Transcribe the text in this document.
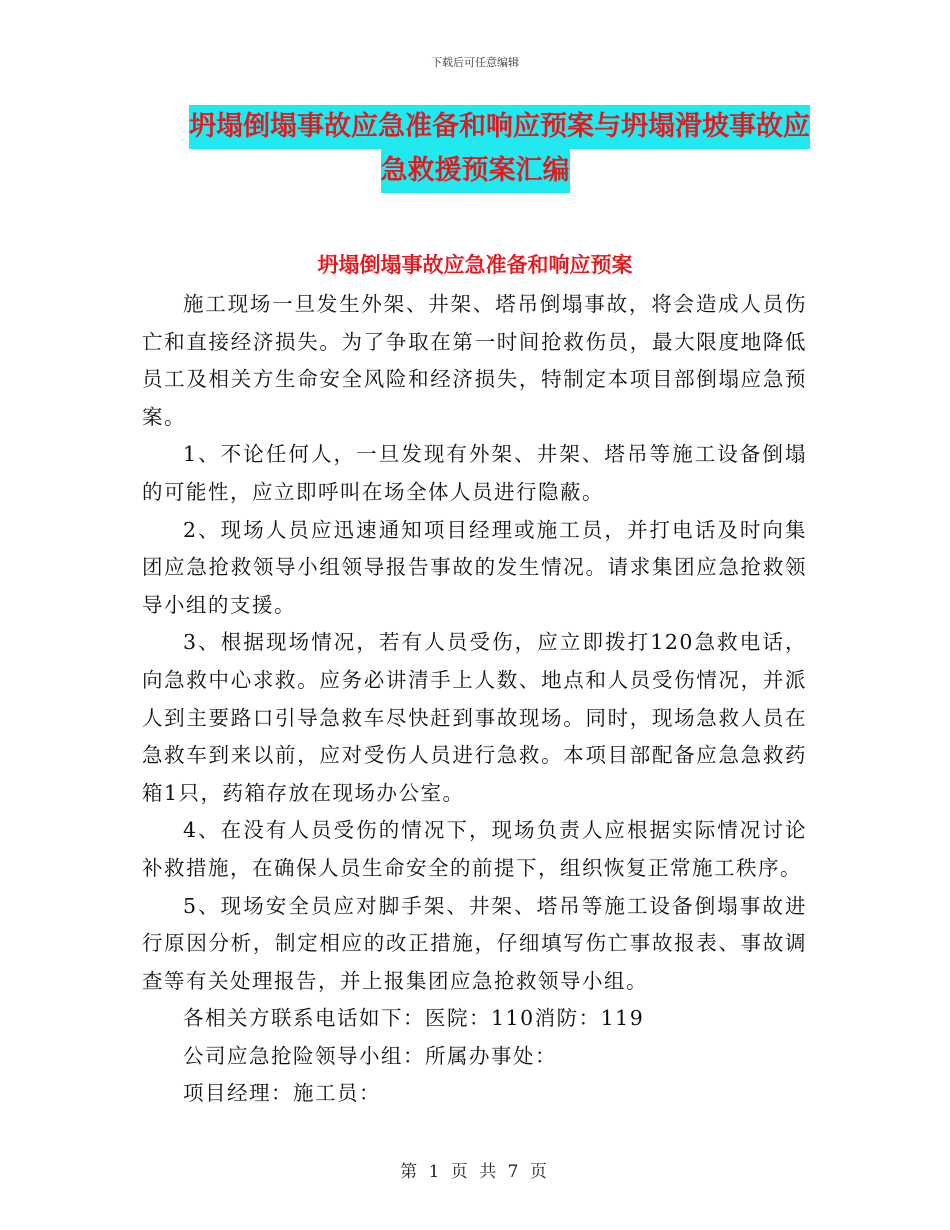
下载后可任意编辑
坍塌倒塌事故应急准备和响应预案与坍塌滑坡事故应
急救援预案汇编
坍塌倒塌事故应急准备和响应预案

施工现场一旦发生外架、井架、塔吊倒塌事故，将会造成人员伤亡和直接经济损失。为了争取在第一时间抢救伤员，最大限度地降低员工及相关方生命安全风险和经济损失，特制定本项目部倒塌应急预案。

1、不论任何人，一旦发现有外架、井架、塔吊等施工设备倒塌的可能性，应立即呼叫在场全体人员进行隐蔽。

2、现场人员应迅速通知项目经理或施工员，并打电话及时向集团应急抢救领导小组领导报告事故的发生情况。请求集团应急抢救领导小组的支援。

3、根据现场情况，若有人员受伤，应立即拨打120急救电话，向急救中心求救。应务必讲清手上人数、地点和人员受伤情况，并派人到主要路口引导急救车尽快赶到事故现场。同时，现场急救人员在急救车到来以前，应对受伤人员进行急救。本项目部配备应急急救药箱1只，药箱存放在现场办公室。

4、在没有人员受伤的情况下，现场负责人应根据实际情况讨论补救措施，在确保人员生命安全的前提下，组织恢复正常施工秩序。

5、现场安全员应对脚手架、井架、塔吊等施工设备倒塌事故进行原因分析，制定相应的改正措施，仔细填写伤亡事故报表、事故调查等有关处理报告，并上报集团应急抢救领导小组。

各相关方联系电话如下：医院：110消防：119

公司应急抢险领导小组：所属办事处：

项目经理：施工员：

第 1 页 共 7 页
